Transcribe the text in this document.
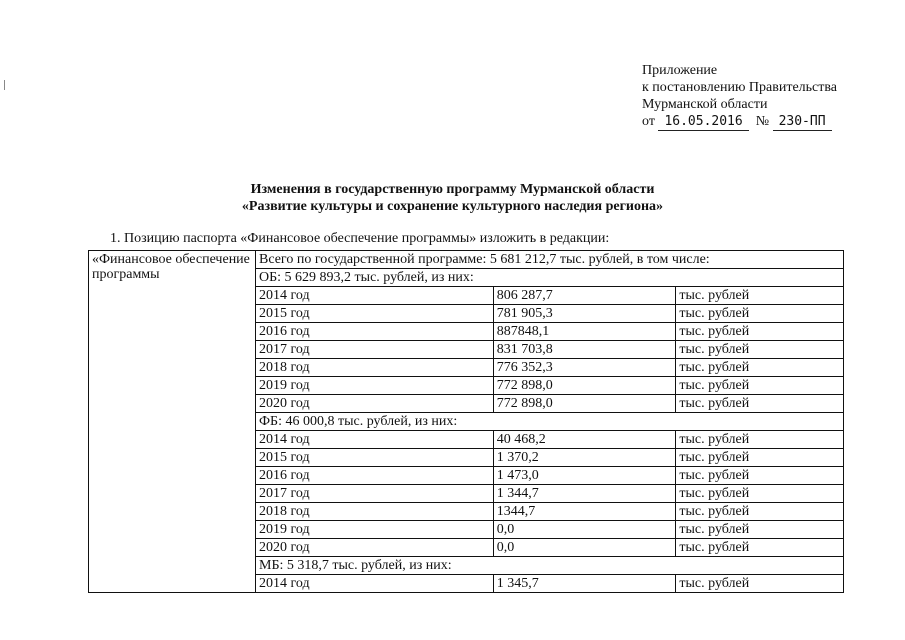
Приложение
к постановлению Правительства
Мурманской области
от 16.05.2016 № 230-ПП
Изменения в государственную программу Мурманской области
«Развитие культуры и сохранение культурного наследия региона»
1. Позицию паспорта «Финансовое обеспечение программы» изложить в редакции:
«Финансовое обеспечение программы	Всего по государственной программе: 5 681 212,7 тыс. рублей, в том числе:		
	ОБ: 5 629 893,2 тыс. рублей, из них:		
	2014 год	806 287,7	тыс. рублей
	2015 год	781 905,3	тыс. рублей
	2016 год	887848,1	тыс. рублей
	2017 год	831 703,8	тыс. рублей
	2018 год	776 352,3	тыс. рублей
	2019 год	772 898,0	тыс. рублей
	2020 год	772 898,0	тыс. рублей
	ФБ: 46 000,8 тыс. рублей, из них:		
	2014 год	40 468,2	тыс. рублей
	2015 год	1 370,2	тыс. рублей
	2016 год	1 473,0	тыс. рублей
	2017 год	1 344,7	тыс. рублей
	2018 год	1344,7	тыс. рублей
	2019 год	0,0	тыс. рублей
	2020 год	0,0	тыс. рублей
	МБ: 5 318,7 тыс. рублей, из них:		
	2014 год	1 345,7	тыс. рублей
